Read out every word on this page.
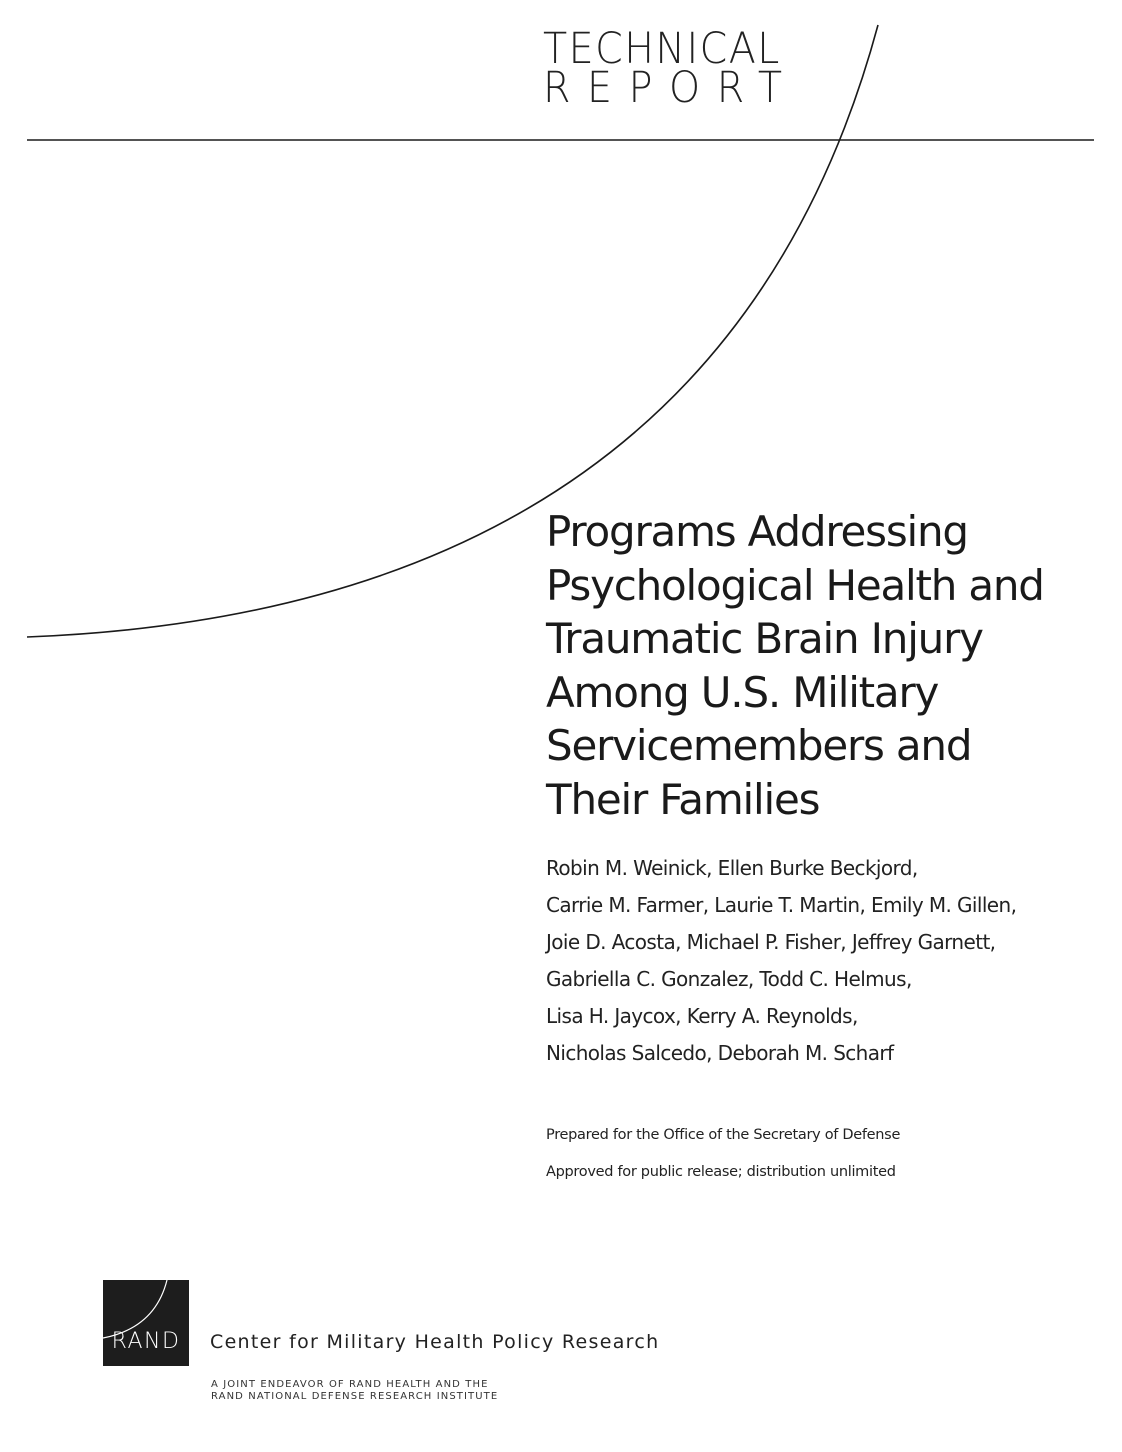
TECHNICAL
REPORT
Programs Addressing
Psychological Health and
Traumatic Brain Injury
Among U.S. Military
Servicemembers and
Their Families
Robin M. Weinick, Ellen Burke Beckjord,
Carrie M. Farmer, Laurie T. Martin, Emily M. Gillen,
Joie D. Acosta, Michael P. Fisher, Jeffrey Garnett,
Gabriella C. Gonzalez, Todd C. Helmus,
Lisa H. Jaycox, Kerry A. Reynolds,
Nicholas Salcedo, Deborah M. Scharf
Prepared for the Office of the Secretary of Defense
Approved for public release; distribution unlimited
RAND	Center for Military Health Policy Research
A JOINT ENDEAVOR OF RAND HEALTH AND THE
RAND NATIONAL DEFENSE RESEARCH INSTITUTE
